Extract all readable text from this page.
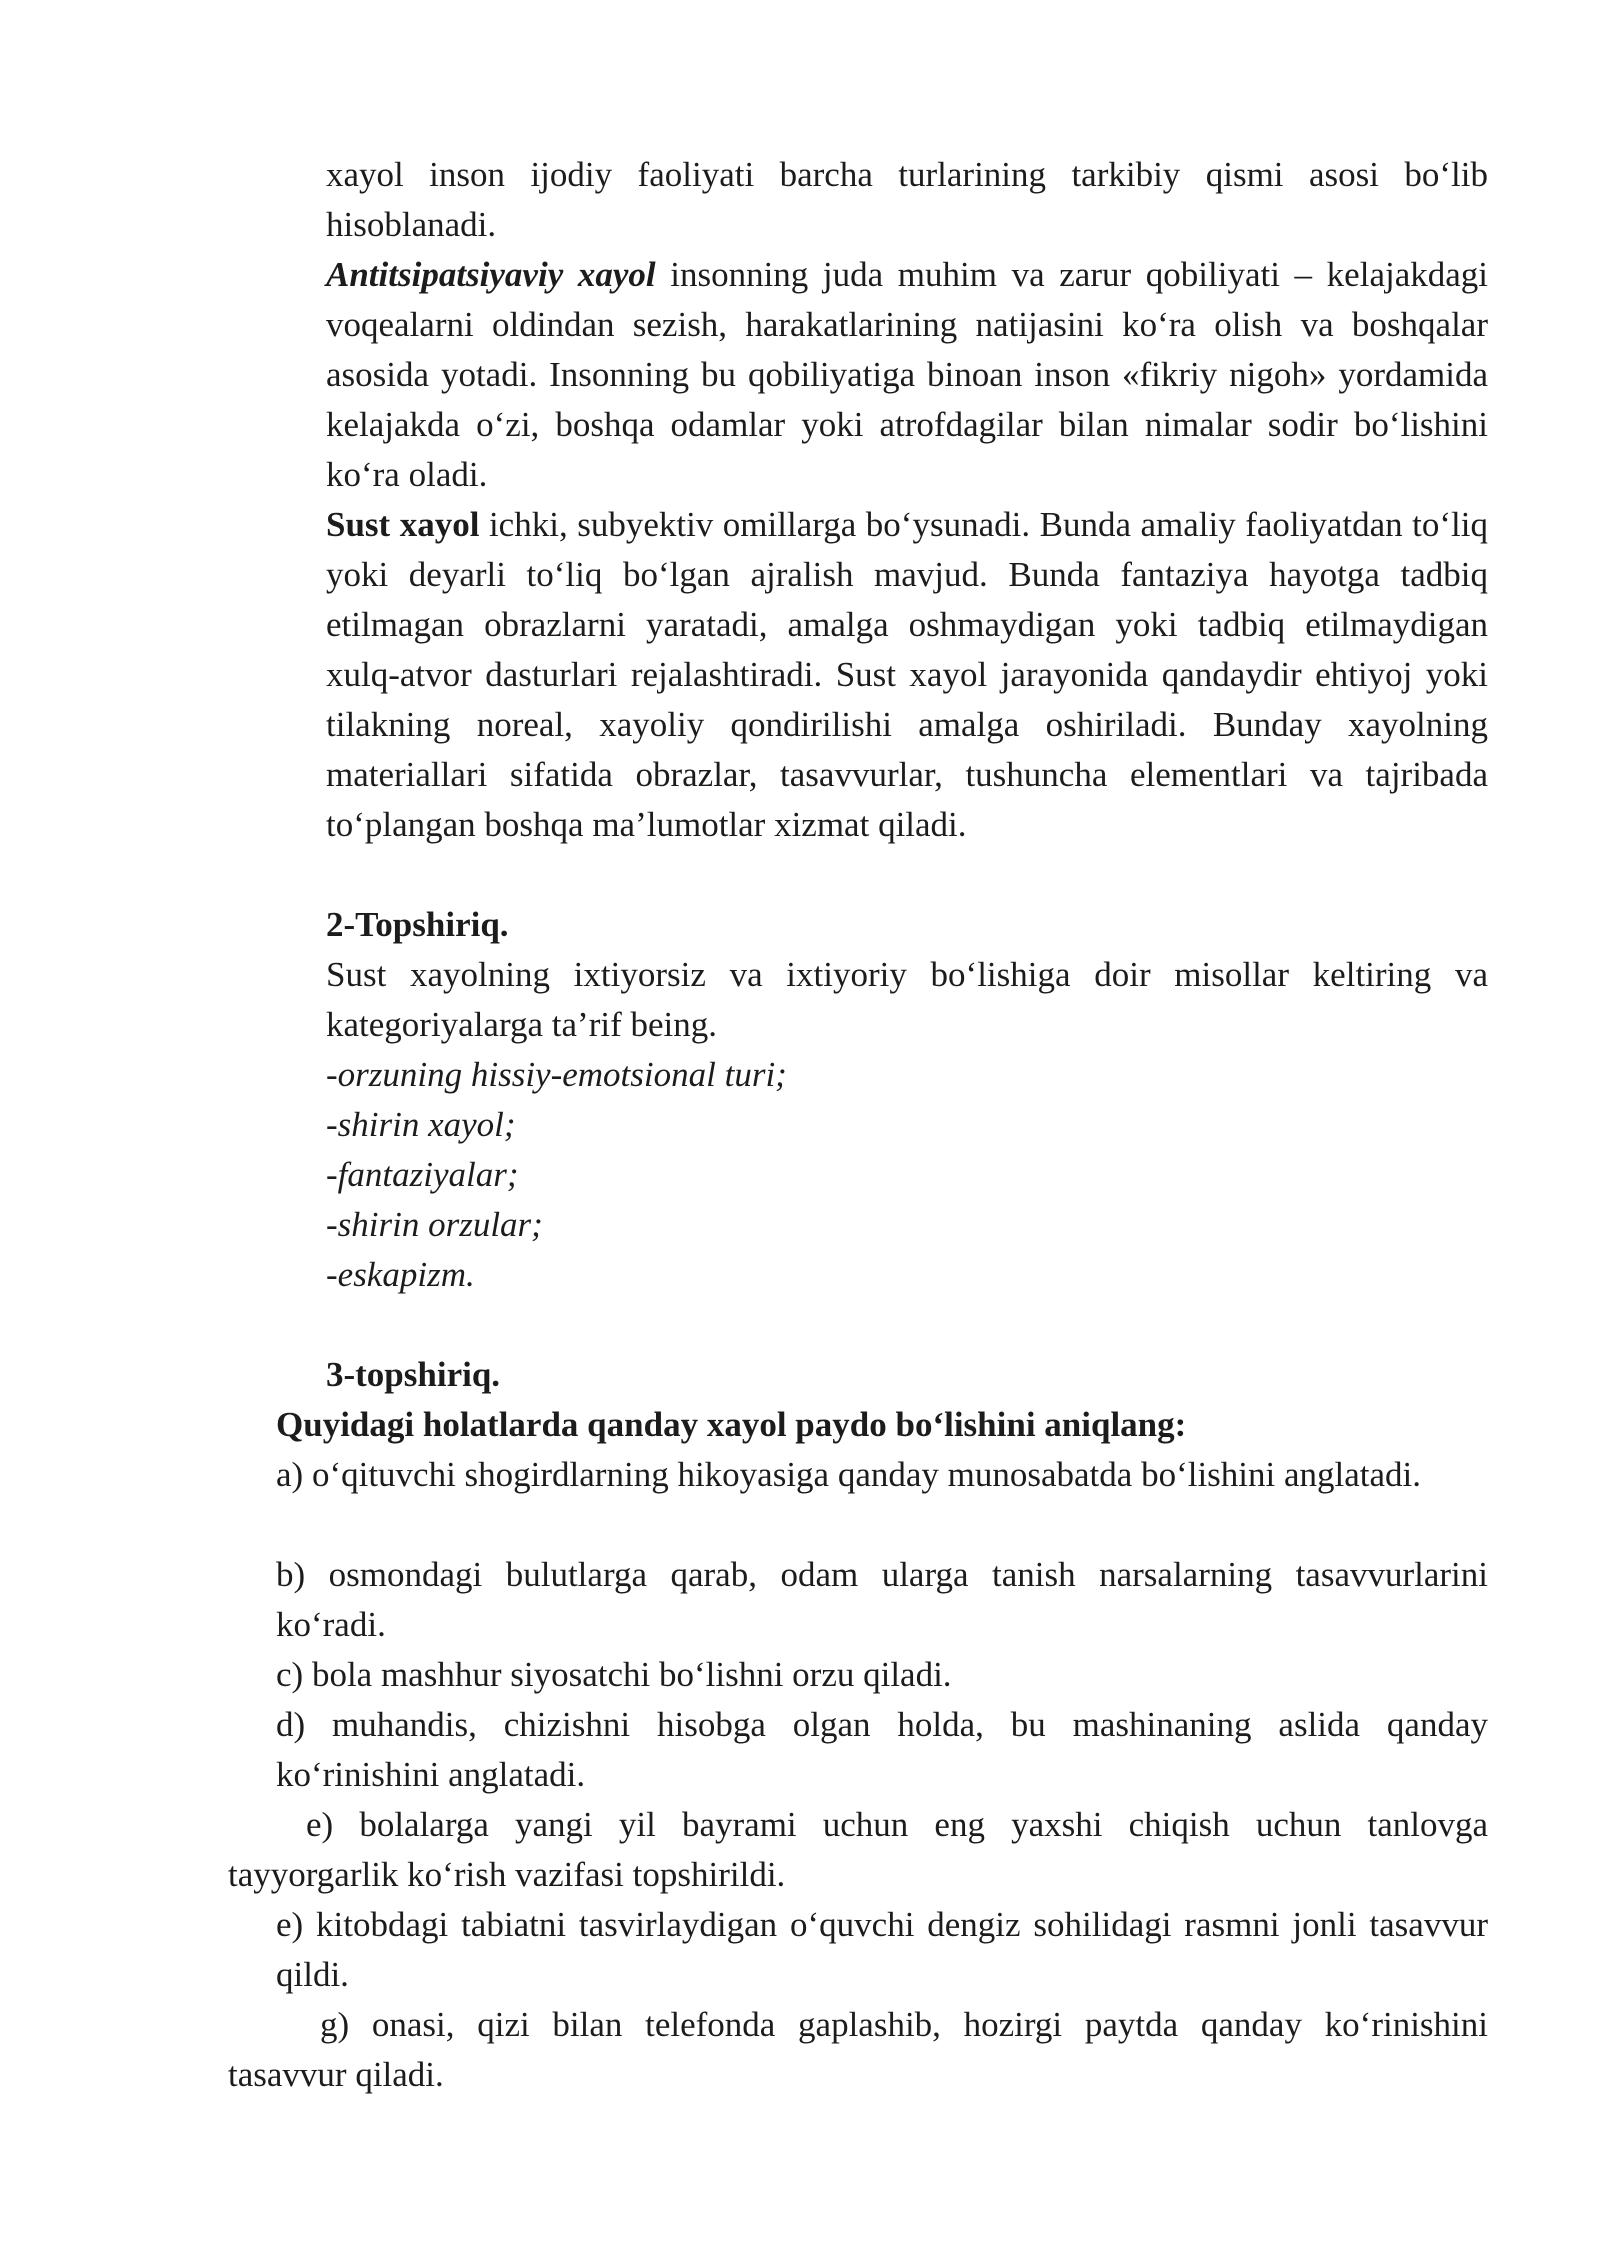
xayol inson ijodiy faoliyati barcha turlarining tarkibiy qismi asosi bo‘lib hisoblanadi.

Antitsipatsiyaviy xayol insonning juda muhim va zarur qobiliyati – kelajakdagi voqealarni oldindan sezish, harakatlarining natijasini ko‘ra olish va boshqalar asosida yotadi. Insonning bu qobiliyatiga binoan inson «fikriy nigoh» yordamida kelajakda o‘zi, boshqa odamlar yoki atrofdagilar bilan nimalar sodir bo‘lishini ko‘ra oladi.

Sust xayol ichki, subyektiv omillarga bo‘ysunadi. Bunda amaliy faoliyatdan to‘liq yoki deyarli to‘liq bo‘lgan ajralish mavjud. Bunda fantaziya hayotga tadbiq etilmagan obrazlarni yaratadi, amalga oshmaydigan yoki tadbiq etilmaydigan xulq-atvor dasturlari rejalashtiradi. Sust xayol jarayonida qandaydir ehtiyoj yoki tilakning noreal, xayoliy qondirilishi amalga oshiriladi. Bunday xayolning materiallari sifatida obrazlar, tasavvurlar, tushuncha elementlari va tajribada to‘plangan boshqa ma’lumotlar xizmat qiladi.

2-Topshiriq.

Sust xayolning ixtiyorsiz va ixtiyoriy bo‘lishiga doir misollar keltiring va kategoriyalarga ta’rif being.

-orzuning hissiy-emotsional turi;
-shirin xayol;
-fantaziyalar;
-shirin orzular;
-eskapizm.

3-topshiriq.

Quyidagi holatlarda qanday xayol paydo bo‘lishini aniqlang:

a) o‘qituvchi shogirdlarning hikoyasiga qanday munosabatda bo‘lishini anglatadi.

b) osmondagi bulutlarga qarab, odam ularga tanish narsalarning tasavvurlarini ko‘radi.

c) bola mashhur siyosatchi bo‘lishni orzu qiladi.

d) muhandis, chizishni hisobga olgan holda, bu mashinaning aslida qanday ko‘rinishini anglatadi.

e) bolalarga yangi yil bayrami uchun eng yaxshi chiqish uchun tanlovga
tayyorgarlik ko‘rish vazifasi topshirildi.

e) kitobdagi tabiatni tasvirlaydigan o‘quvchi dengiz sohilidagi rasmni jonli tasavvur qildi.

g) onasi, qizi bilan telefonda gaplashib, hozirgi paytda qanday ko‘rinishini
tasavvur qiladi.
